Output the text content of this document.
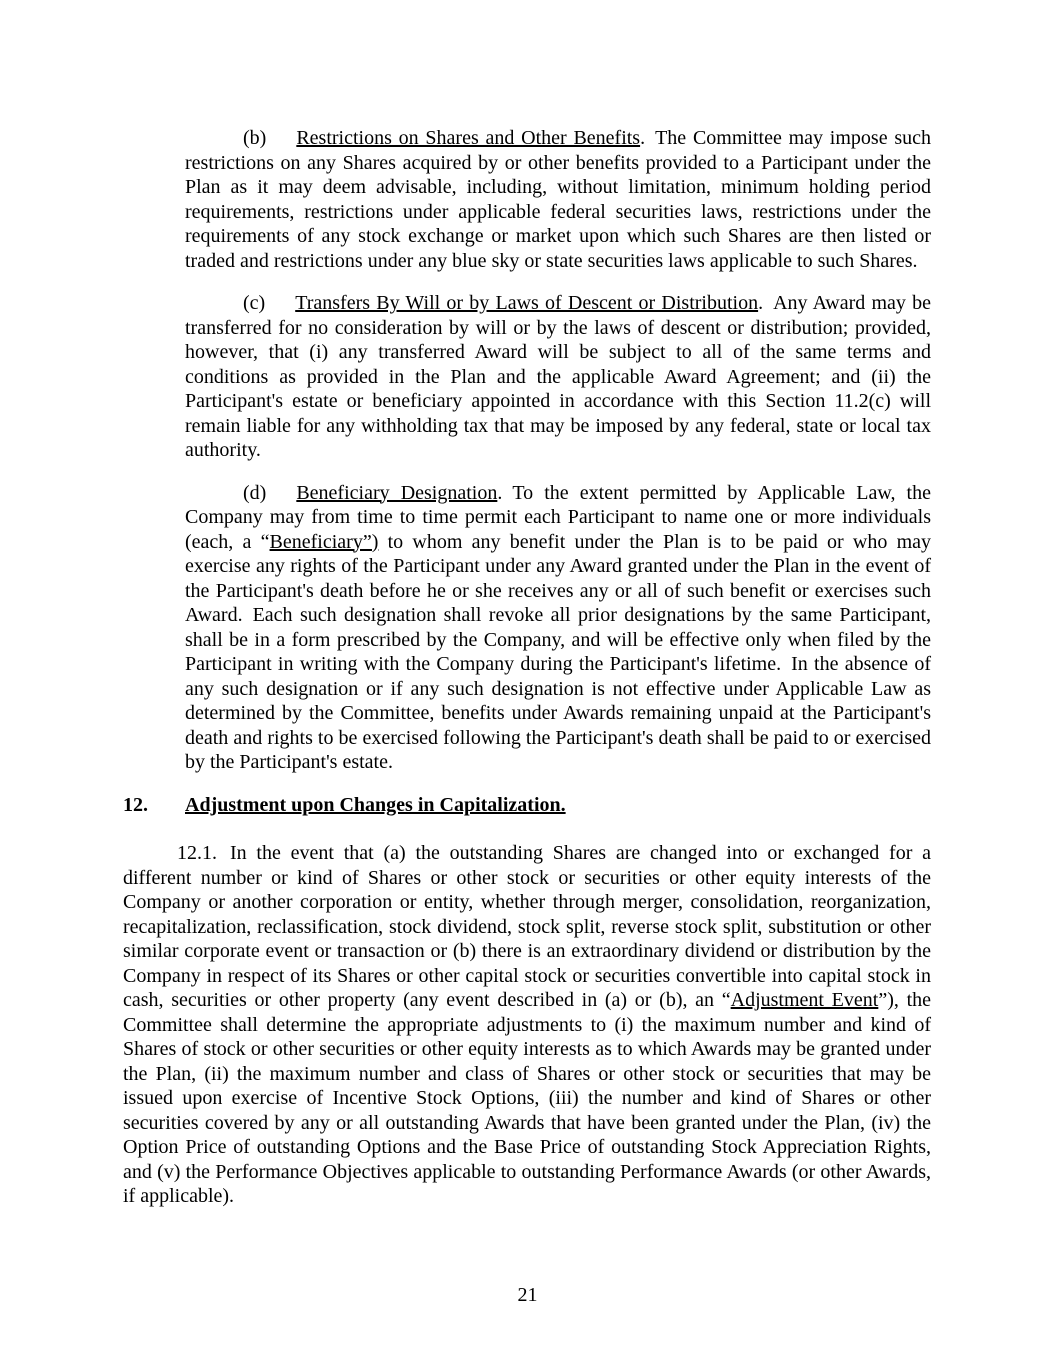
(b) Restrictions on Shares and Other Benefits. The Committee may impose such restrictions on any Shares acquired by or other benefits provided to a Participant under the Plan as it may deem advisable, including, without limitation, minimum holding period requirements, restrictions under applicable federal securities laws, restrictions under the requirements of any stock exchange or market upon which such Shares are then listed or traded and restrictions under any blue sky or state securities laws applicable to such Shares.
(c) Transfers By Will or by Laws of Descent or Distribution. Any Award may be transferred for no consideration by will or by the laws of descent or distribution; provided, however, that (i) any transferred Award will be subject to all of the same terms and conditions as provided in the Plan and the applicable Award Agreement; and (ii) the Participant's estate or beneficiary appointed in accordance with this Section 11.2(c) will remain liable for any withholding tax that may be imposed by any federal, state or local tax authority.
(d) Beneficiary Designation. To the extent permitted by Applicable Law, the Company may from time to time permit each Participant to name one or more individuals (each, a “Beneficiary”) to whom any benefit under the Plan is to be paid or who may exercise any rights of the Participant under any Award granted under the Plan in the event of the Participant's death before he or she receives any or all of such benefit or exercises such Award. Each such designation shall revoke all prior designations by the same Participant, shall be in a form prescribed by the Company, and will be effective only when filed by the Participant in writing with the Company during the Participant's lifetime. In the absence of any such designation or if any such designation is not effective under Applicable Law as determined by the Committee, benefits under Awards remaining unpaid at the Participant's death and rights to be exercised following the Participant's death shall be paid to or exercised by the Participant's estate.
12. Adjustment upon Changes in Capitalization.
12.1. In the event that (a) the outstanding Shares are changed into or exchanged for a different number or kind of Shares or other stock or securities or other equity interests of the Company or another corporation or entity, whether through merger, consolidation, reorganization, recapitalization, reclassification, stock dividend, stock split, reverse stock split, substitution or other similar corporate event or transaction or (b) there is an extraordinary dividend or distribution by the Company in respect of its Shares or other capital stock or securities convertible into capital stock in cash, securities or other property (any event described in (a) or (b), an “Adjustment Event”), the Committee shall determine the appropriate adjustments to (i) the maximum number and kind of Shares of stock or other securities or other equity interests as to which Awards may be granted under the Plan, (ii) the maximum number and class of Shares or other stock or securities that may be issued upon exercise of Incentive Stock Options, (iii) the number and kind of Shares or other securities covered by any or all outstanding Awards that have been granted under the Plan, (iv) the Option Price of outstanding Options and the Base Price of outstanding Stock Appreciation Rights, and (v) the Performance Objectives applicable to outstanding Performance Awards (or other Awards, if applicable).
21
